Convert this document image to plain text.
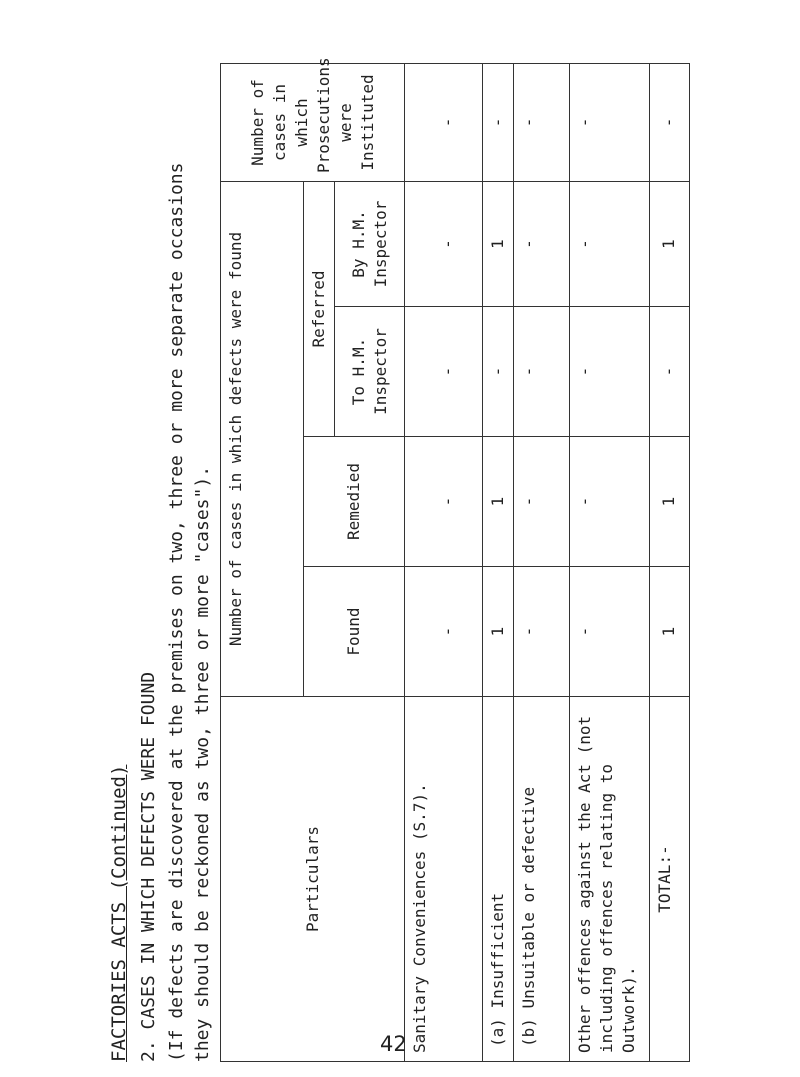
FACTORIES ACTS (Continued) 2. CASES IN WHICH DEFECTS WERE FOUND (If defects are discovered at the premises on two, three or more separate occasions they should be reckoned as two, three or more "cases").	Particulars	Number of cases in which defects were found				Number of cases in which Prosecutions were Instituted
	Found	Remedied	Referred		
			To H.M. Inspector	By H.M. Inspector	
Sanitary Conveniences (S.7).	-	-	-	-	-
(a) Insufficient	1	1	-	1	-
(b) Unsuitable or defective	-	-	-	-	-
Other offences against the Act (not including offences relating to Outwork).	-	-	-	-	-
TOTAL:-	1	1	-	1	-
42
